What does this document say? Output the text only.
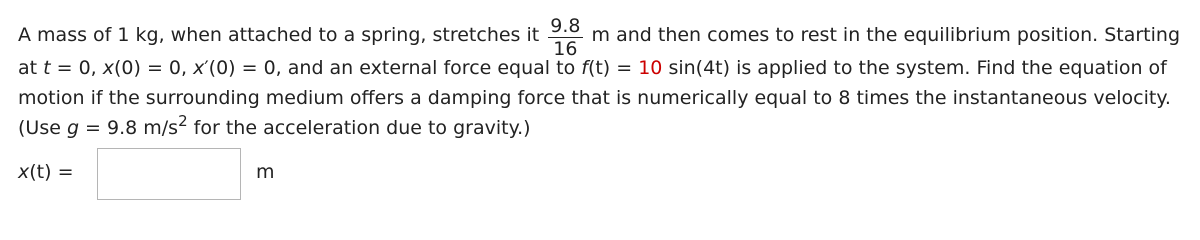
A mass of 1 kg, when attached to a spring, stretches it $\frac{9.8}{16}$ m and then comes to rest in the equilibrium position. Starting
at t = 0, x(0) = 0, x′(0) = 0, and an external force equal to f(t) = 10 sin(4t) is applied to the system. Find the equation of
motion if the surrounding medium offers a damping force that is numerically equal to 8 times the instantaneous velocity.
(Use g = 9.8 $m/s^2$ for the acceleration due to gravity.)
x(t) =	m
